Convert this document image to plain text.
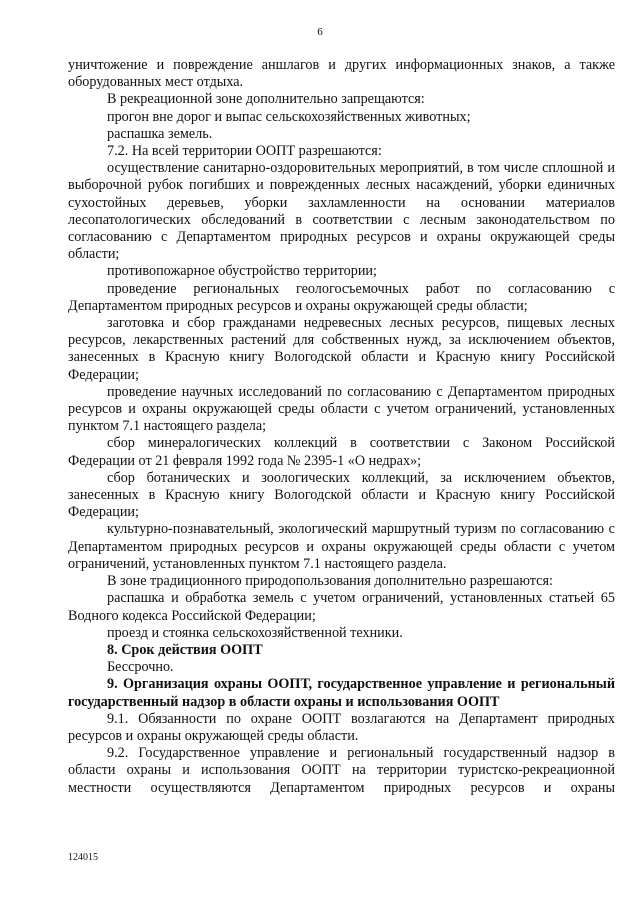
6

уничтожение и повреждение аншлагов и других информационных знаков, а также оборудованных мест отдыха.

В рекреационной зоне дополнительно запрещаются:

прогон вне дорог и выпас сельскохозяйственных животных;

распашка земель.

7.2. На всей территории ООПТ разрешаются:

осуществление санитарно-оздоровительных мероприятий, в том числе сплошной и выборочной рубок погибших и поврежденных лесных насаждений, уборки единичных сухостойных деревьев, уборки захламленности на основании материалов лесопатологических обследований в соответствии с лесным законодательством по согласованию с Департаментом природных ресурсов и охраны окружающей среды области;

противопожарное обустройство территории;

проведение региональных геологосъемочных работ по согласованию с Департаментом природных ресурсов и охраны окружающей среды области;

заготовка и сбор гражданами недревесных лесных ресурсов, пищевых лесных ресурсов, лекарственных растений для собственных нужд, за исключением объектов, занесенных в Красную книгу Вологодской области и Красную книгу Российской Федерации;

проведение научных исследований по согласованию с Департаментом природных ресурсов и охраны окружающей среды области с учетом ограничений, установленных пунктом 7.1 настоящего раздела;

сбор минералогических коллекций в соответствии с Законом Российской Федерации от 21 февраля 1992 года № 2395-1 «О недрах»;

сбор ботанических и зоологических коллекций, за исключением объектов, занесенных в Красную книгу Вологодской области и Красную книгу Российской Федерации;

культурно-познавательный, экологический маршрутный туризм по согласованию с Департаментом природных ресурсов и охраны окружающей среды области с учетом ограничений, установленных пунктом 7.1 настоящего раздела.

В зоне традиционного природопользования дополнительно разрешаются:

распашка и обработка земель с учетом ограничений, установленных статьей 65 Водного кодекса Российской Федерации;

проезд и стоянка сельскохозяйственной техники.

8. Срок действия ООПТ

Бессрочно.

9. Организация охраны ООПТ, государственное управление и региональный государственный надзор в области охраны и использования ООПТ

9.1. Обязанности по охране ООПТ возлагаются на Департамент природных ресурсов и охраны окружающей среды области.

9.2. Государственное управление и региональный государственный надзор в области охраны и использования ООПТ на территории туристско-рекреационной местности осуществляются Департаментом природных ресурсов и охраны

124015
